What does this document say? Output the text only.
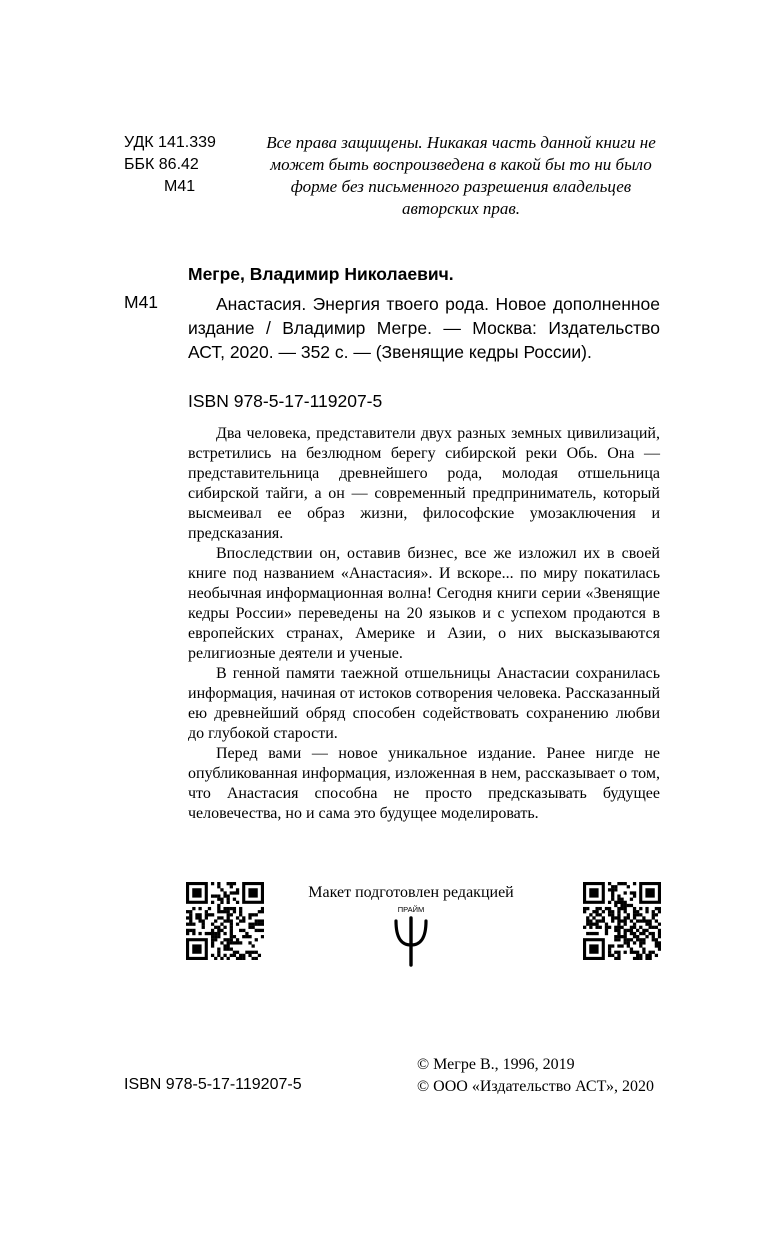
УДК 141.339
ББК 86.42
М41
Все права защищены. Никакая часть данной книги не может быть воспроизведена в какой бы то ни было форме без письменного разрешения владельцев авторских прав.
Мегре, Владимир Николаевич.
М41	Анастасия. Энергия твоего рода. Новое дополненное издание / Владимир Мегре. — Москва: Издательство АСТ, 2020. — 352 с. — (Звенящие кедры России).
ISBN 978-5-17-119207-5

Два человека, представители двух разных земных цивилизаций, встретились на безлюдном берегу сибирской реки Обь. Она — представительница древнейшего рода, молодая отшельница сибирской тайги, а он — современный предприниматель, который высмеивал ее образ жизни, философские умозаключения и предсказания.

Впоследствии он, оставив бизнес, все же изложил их в своей книге под названием «Анастасия». И вскоре... по миру покатилась необычная информационная волна! Сегодня книги серии «Звенящие кедры России» переведены на 20 языков и с успехом продаются в европейских странах, Америке и Азии, о них высказываются религиозные деятели и ученые.

В генной памяти таежной отшельницы Анастасии сохранилась информация, начиная от истоков сотворения человека. Рассказанный ею древнейший обряд способен содействовать сохранению любви до глубокой старости.

Перед вами — новое уникальное издание. Ранее нигде не опубликованная информация, изложенная в нем, рассказывает о том, что Анастасия способна не просто предсказывать будущее человечества, но и сама это будущее моделировать.

Макет подготовлен редакцией
ПРАЙМ
ISBN 978-5-17-119207-5
© Мегре В., 1996, 2019
© ООО «Издательство АСТ», 2020
